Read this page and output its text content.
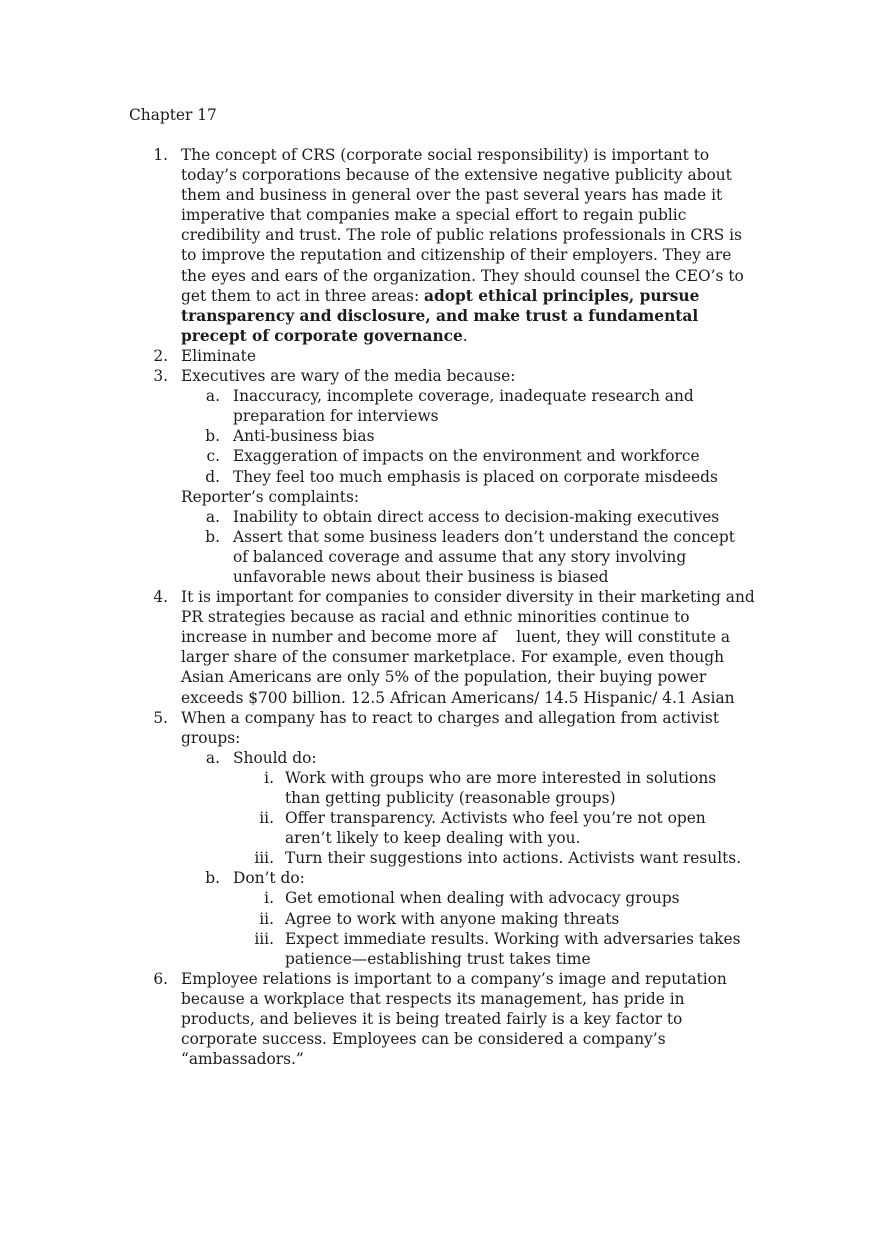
Chapter 17
1. The concept of CRS (corporate social responsibility) is important to today’s corporations because of the extensive negative publicity about them and business in general over the past several years has made it imperative that companies make a special effort to regain public credibility and trust. The role of public relations professionals in CRS is to improve the reputation and citizenship of their employers. They are the eyes and ears of the organization. They should counsel the CEO’s to get them to act in three areas: adopt ethical principles, pursue transparency and disclosure, and make trust a fundamental precept of corporate governance.
2. Eliminate
3. Executives are wary of the media because:
a. Inaccuracy, incomplete coverage, inadequate research and preparation for interviews
b. Anti-business bias
c. Exaggeration of impacts on the environment and workforce
d. They feel too much emphasis is placed on corporate misdeeds
Reporter’s complaints:
a. Inability to obtain direct access to decision-making executives
b. Assert that some business leaders don’t understand the concept of balanced coverage and assume that any story involving unfavorable news about their business is biased
4. It is important for companies to consider diversity in their marketing and PR strategies because as racial and ethnic minorities continue to increase in number and become more af    luent, they will constitute a larger share of the consumer marketplace. For example, even though Asian Americans are only 5% of the population, their buying power exceeds $700 billion. 12.5 African Americans/ 14.5 Hispanic/ 4.1 Asian
5. When a company has to react to charges and allegation from activist groups:
a. Should do:
i. Work with groups who are more interested in solutions than getting publicity (reasonable groups)
ii. Offer transparency. Activists who feel you’re not open aren’t likely to keep dealing with you.
iii. Turn their suggestions into actions. Activists want results.
b. Don’t do:
i. Get emotional when dealing with advocacy groups
ii. Agree to work with anyone making threats
iii. Expect immediate results. Working with adversaries takes patience—establishing trust takes time
6. Employee relations is important to a company’s image and reputation because a workplace that respects its management, has pride in products, and believes it is being treated fairly is a key factor to corporate success. Employees can be considered a company’s “ambassadors.”
